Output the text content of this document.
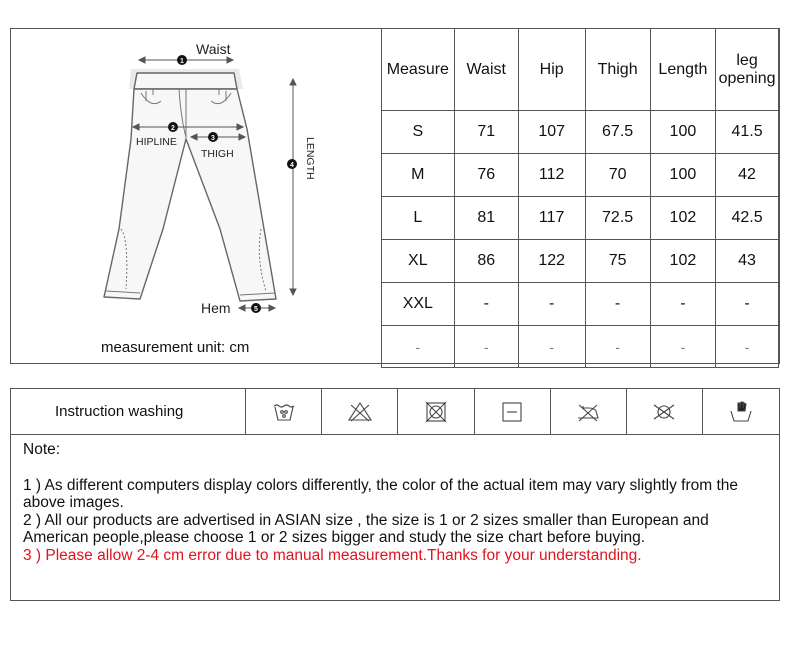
1
Waist
2
HIPLINE	3
THIGH
4 LENGTH
5
Hem
measurement unit: cm
Measure	Waist	Hip	Thigh	Length	leg opening
S	71	107	67.5	100	41.5
M	76	112	70	100	42
L	81	117	72.5	102	42.5
XL	86	122	75	102	43
XXL	-	-	-	-	-
-	-	-	-	-	-
Instruction washing
Note:

1 ) As different computers display colors differently, the color of the actual item may vary slightly from the above images.

2 ) All our products are advertised in ASIAN size , the size is 1 or 2 sizes smaller than European and American people,please choose 1 or 2 sizes bigger and study the size chart before buying.

3 ) Please allow 2-4 cm error due to manual measurement.Thanks for your understanding.
